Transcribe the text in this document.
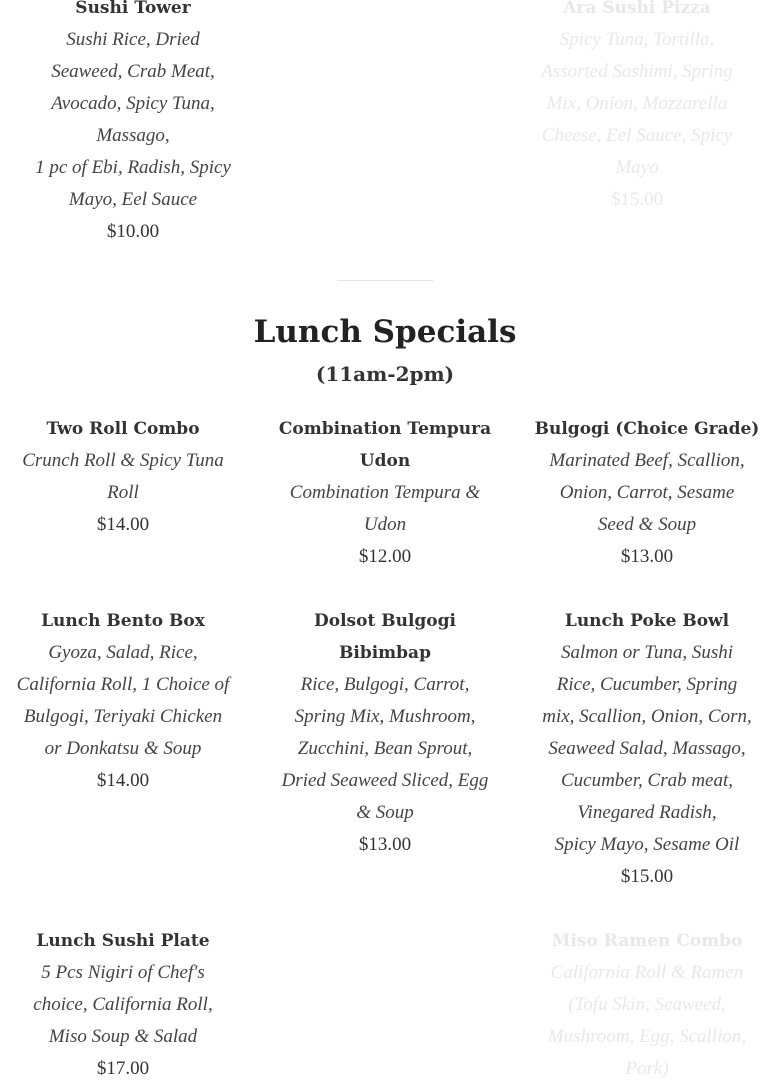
Sushi Tower
Sushi Rice, Dried
Seaweed, Crab Meat,
Avocado, Spicy Tuna,
Massago,
1 pc of Ebi, Radish, Spicy
Mayo, Eel Sauce
$10.00
Ara Sushi Pizza
Spicy Tuna, Tortilla,
Assorted Sashimi, Spring
Mix, Onion, Mozzarella
Cheese, Eel Sauce, Spicy
Mayo
$15.00
Lunch Specials
(11am-2pm)
Two Roll Combo
Crunch Roll & Spicy Tuna
Roll
$14.00
Combination Tempura
Udon
Combination Tempura &
Udon
$12.00
Bulgogi (Choice Grade)
Marinated Beef, Scallion,
Onion, Carrot, Sesame
Seed & Soup
$13.00
Lunch Bento Box
Gyoza, Salad, Rice,
California Roll, 1 Choice of
Bulgogi, Teriyaki Chicken
or Donkatsu & Soup
$14.00
Dolsot Bulgogi Bibimbap
Rice, Bulgogi, Carrot,
Spring Mix, Mushroom,
Zucchini, Bean Sprout,
Dried Seaweed Sliced, Egg
& Soup
$13.00
Lunch Poke Bowl
Salmon or Tuna, Sushi
Rice, Cucumber, Spring
mix, Scallion, Onion, Corn,
Seaweed Salad, Massago,
Cucumber, Crab meat,
Vinegared Radish,
Spicy Mayo, Sesame Oil
$15.00
Lunch Sushi Plate
5 Pcs Nigiri of Chef's
choice, California Roll,
Miso Soup & Salad
$17.00
Miso Ramen Combo
California Roll & Ramen
(Tofu Skin, Seaweed,
Mushroom, Egg, Scallion,
Pork)
